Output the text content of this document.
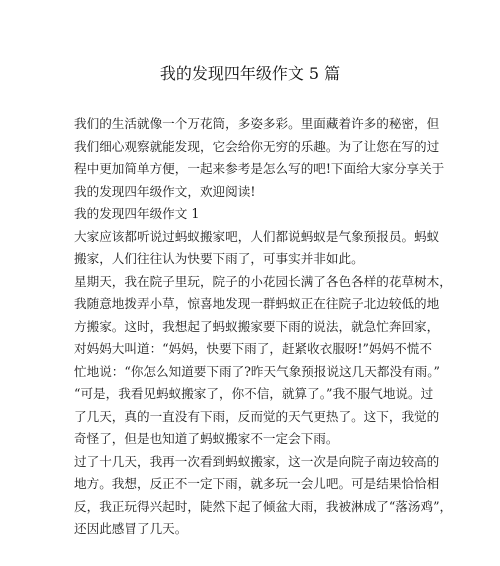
我的发现四年级作文 5 篇
我们的生活就像一个万花筒，多姿多彩。里面藏着许多的秘密，但
我们细心观察就能发现，它会给你无穷的乐趣。为了让您在写的过
程中更加简单方便，一起来参考是怎么写的吧!下面给大家分享关于
我的发现四年级作文，欢迎阅读!
我的发现四年级作文 1
大家应该都听说过蚂蚁搬家吧，人们都说蚂蚁是气象预报员。蚂蚁
搬家，人们往往认为快要下雨了，可事实并非如此。
星期天，我在院子里玩，院子的小花园长满了各色各样的花草树木，
我随意地拨弄小草，惊喜地发现一群蚂蚁正在往院子北边较低的地
方搬家。这时，我想起了蚂蚁搬家要下雨的说法，就急忙奔回家，
对妈妈大叫道：“妈妈，快要下雨了，赶紧收衣服呀!”妈妈不慌不
忙地说：“你怎么知道要下雨了?昨天气象预报说这几天都没有雨。”
“可是，我看见蚂蚁搬家了，你不信，就算了。”我不服气地说。过
了几天，真的一直没有下雨，反而觉的天气更热了。这下，我觉的
奇怪了，但是也知道了蚂蚁搬家不一定会下雨。
过了十几天，我再一次看到蚂蚁搬家，这一次是向院子南边较高的
地方。我想，反正不一定下雨，就多玩一会儿吧。可是结果恰恰相
反，我正玩得兴起时，陡然下起了倾盆大雨，我被淋成了“落汤鸡”，
还因此感冒了几天。
